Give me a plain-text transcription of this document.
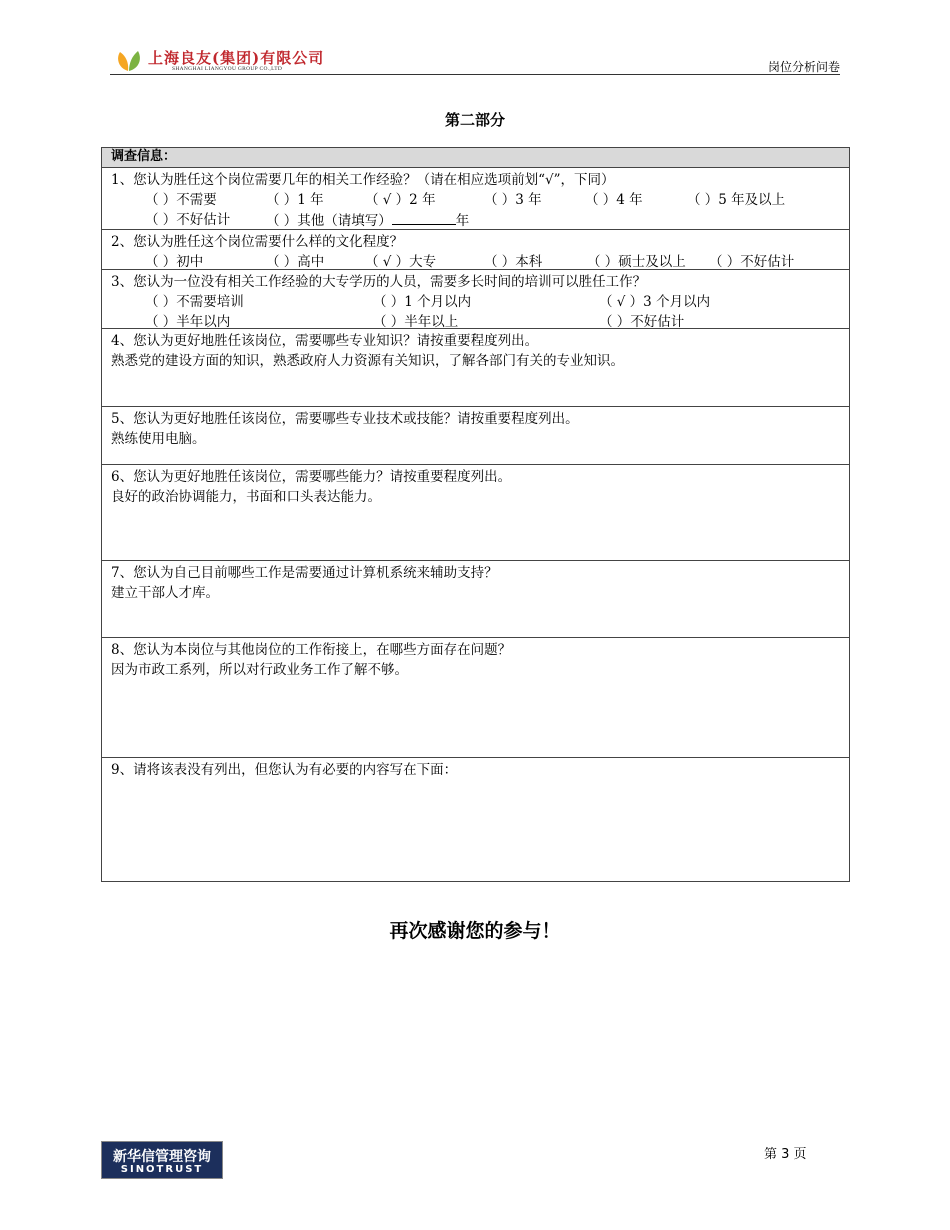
上海良友(集团)有限公司
SHANGHAI LIANGYOU GROUP CO.,LTD	岗位分析问卷
第二部分
调查信息：
1、您认为胜任这个岗位需要几年的相关工作经验？（请在相应选项前划“√”，下同）
（ ）不需要	（ ）1 年	（ √ ）2 年	（ ）3 年	（ ）4 年	（ ）5 年及以上
（ ）不好估计	（ ）其他（请填写）	年
2、您认为胜任这个岗位需要什么样的文化程度？
（ ）初中	（ ）高中	（ √ ）大专	（ ）本科	（ ）硕士及以上 （ ）不好估计
3、您认为一位没有相关工作经验的大专学历的人员，需要多长时间的培训可以胜任工作？
（ ）不需要培训	（ ）1 个月以内	（ √ ）3 个月以内
（ ）半年以内	（ ）半年以上	（ ）不好估计
4、您认为更好地胜任该岗位，需要哪些专业知识？请按重要程度列出。
熟悉党的建设方面的知识，熟悉政府人力资源有关知识，了解各部门有关的专业知识。
5、您认为更好地胜任该岗位，需要哪些专业技术或技能？请按重要程度列出。
熟练使用电脑。
6、您认为更好地胜任该岗位，需要哪些能力？请按重要程度列出。
良好的政治协调能力，书面和口头表达能力。
7、您认为自己目前哪些工作是需要通过计算机系统来辅助支持？
建立干部人才库。
8、您认为本岗位与其他岗位的工作衔接上，在哪些方面存在问题？
因为市政工系列，所以对行政业务工作了解不够。
9、请将该表没有列出，但您认为有必要的内容写在下面：
再次感谢您的参与！
新华信管理咨询
SINOTRUST
第 3 页
